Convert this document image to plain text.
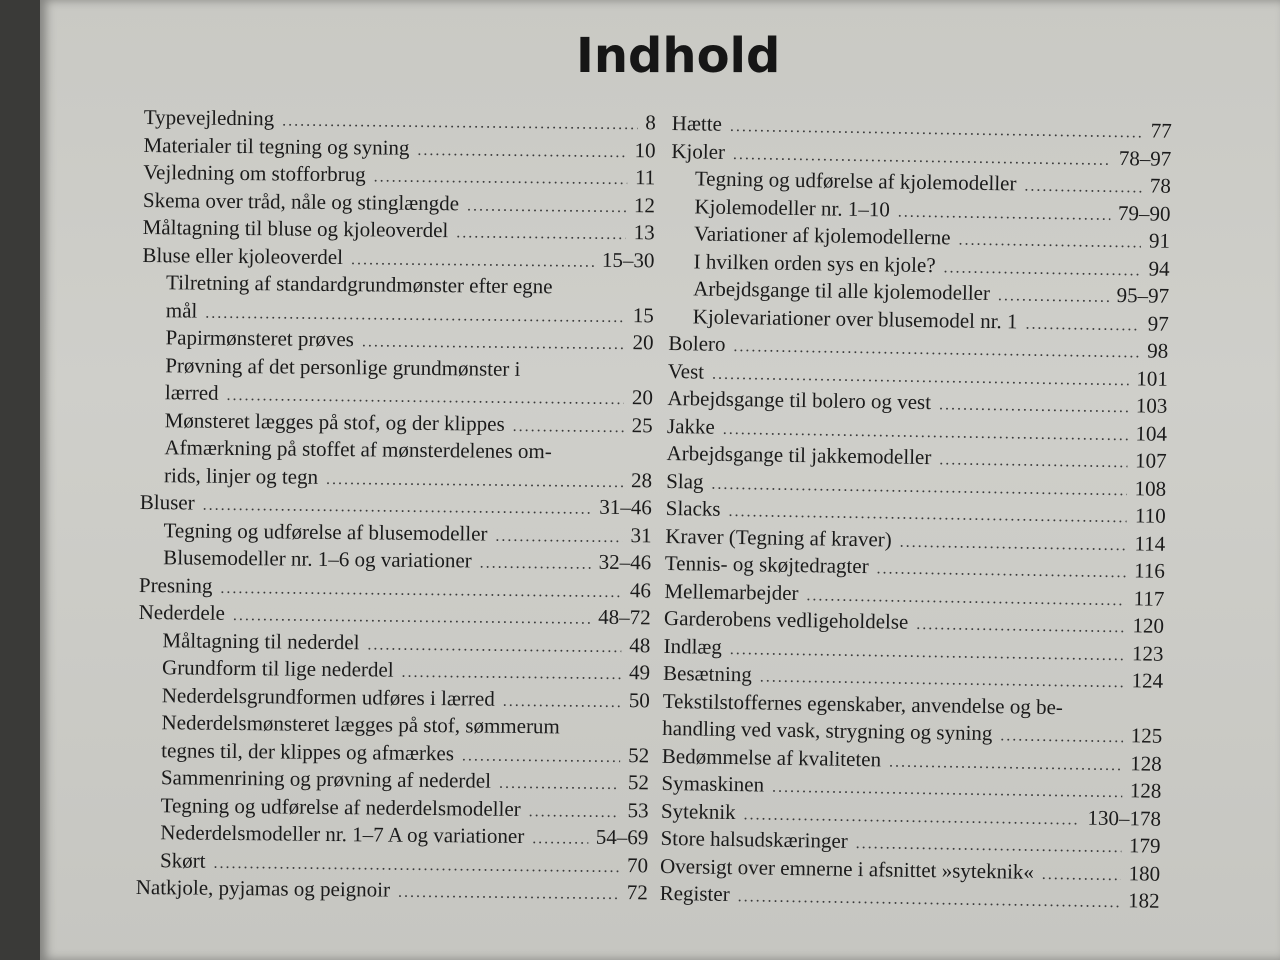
Indhold
Typevejledning .....	8
Materialer til tegning og syning .....	10
Vejledning om stofforbrug .....	11
Skema over tråd, nåle og stinglængde .....	12
Måltagning til bluse og kjoleoverdel .....	13
Bluse eller kjoleoverdel .....	15–30
Tilretning af standardgrundmønster efter egne
mål .....	15
Papirmønsteret prøves .....	20
Prøvning af det personlige grundmønster i
lærred .....	20
Mønsteret lægges på stof, og der klippes .....	25
Afmærkning på stoffet af mønsterdelenes om-
rids, linjer og tegn .....	28
Bluser .....	31–46
Tegning og udførelse af blusemodeller .....	31
Blusemodeller nr. 1–6 og variationer .....	32–46
Presning .....	46
Nederdele .....	48–72
Måltagning til nederdel .....	48
Grundform til lige nederdel .....	49
Nederdelsgrundformen udføres i lærred .....	50
Nederdelsmønsteret lægges på stof, sømmerum
tegnes til, der klippes og afmærkes .....	52
Sammenrining og prøvning af nederdel .....	52
Tegning og udførelse af nederdelsmodeller .....	53
Nederdelsmodeller nr. 1–7 A og variationer .....	54–69
Skørt .....	70
Natkjole, pyjamas og peignoir .....	72
Hætte .....	77
Kjoler .....	78–97
Tegning og udførelse af kjolemodeller .....	78
Kjolemodeller nr. 1–10 .....	79–90
Variationer af kjolemodellerne .....	91
I hvilken orden sys en kjole? .....	94
Arbejdsgange til alle kjolemodeller .....	95–97
Kjolevariationer over blusemodel nr. 1 .....	97
Bolero .....	98
Vest .....	101
Arbejdsgange til bolero og vest .....	103
Jakke .....	104
Arbejdsgange til jakkemodeller .....	107
Slag .....	108
Slacks .....	110
Kraver (Tegning af kraver) .....	114
Tennis- og skøjtedragter .....	116
Mellemarbejder .....	117
Garderobens vedligeholdelse .....	120
Indlæg .....	123
Besætning .....	124
Tekstilstoffernes egenskaber, anvendelse og be-
handling ved vask, strygning og syning .....	125
Bedømmelse af kvaliteten .....	128
Symaskinen .....	128
Syteknik .....	130–178
Store halsudskæringer .....	179
Oversigt over emnerne i afsnittet »syteknik« .....	180
Register .....	182
